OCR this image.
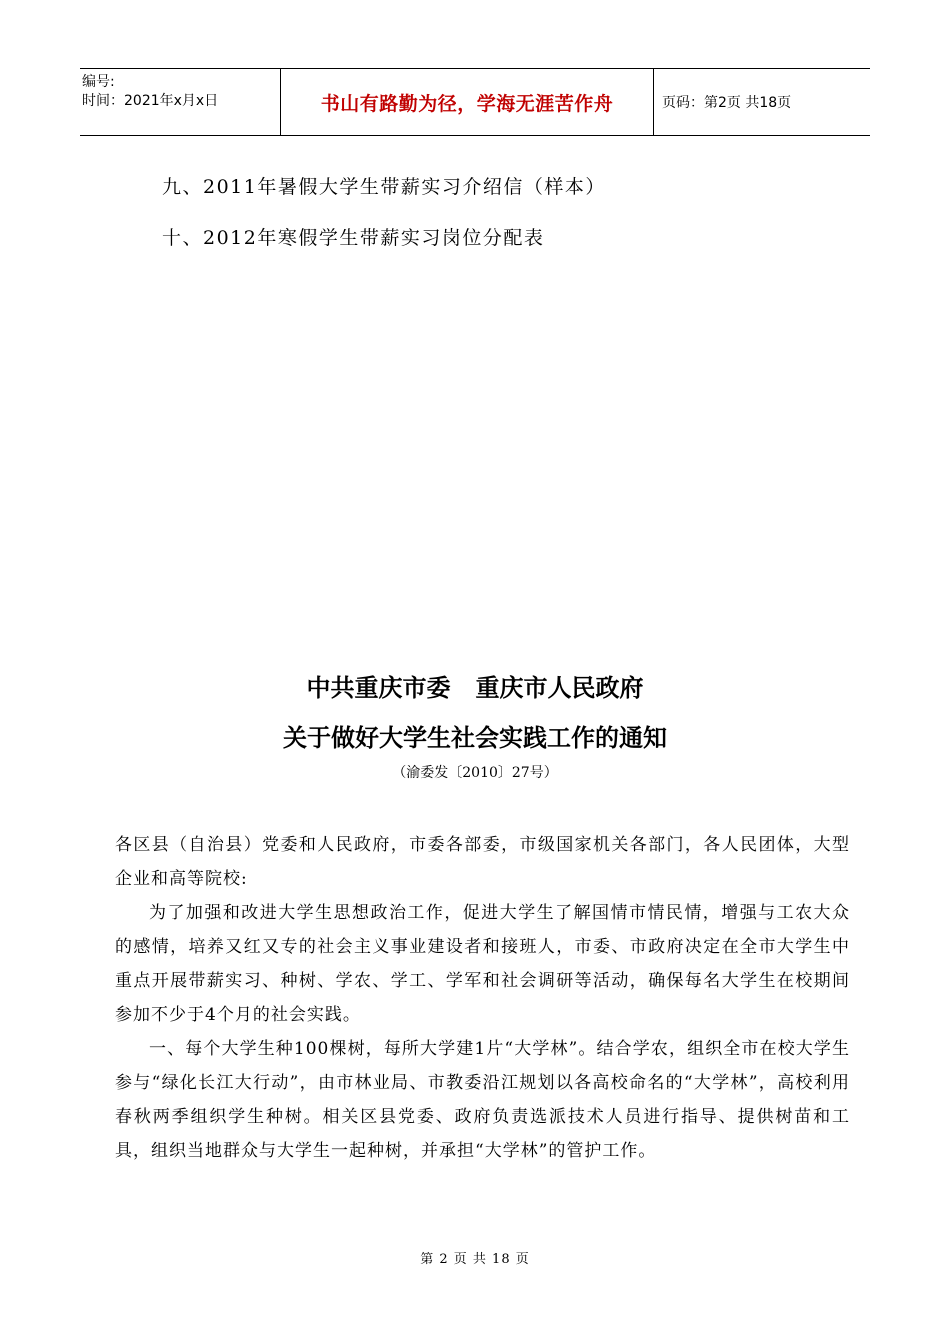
编号:
时间：2021年x月x日	书山有路勤为径，学海无涯苦作舟	页码：第2页 共18页
九、2011年暑假大学生带薪实习介绍信（样本）
十、2012年寒假学生带薪实习岗位分配表
中共重庆市委   重庆市人民政府
关于做好大学生社会实践工作的通知
（渝委发〔2010〕27号）

各区县（自治县）党委和人民政府，市委各部委，市级国家机关各部门，各人民团体，大型企业和高等院校:

为了加强和改进大学生思想政治工作，促进大学生了解国情市情民情，增强与工农大众的感情，培养又红又专的社会主义事业建设者和接班人，市委、市政府决定在全市大学生中重点开展带薪实习、种树、学农、学工、学军和社会调研等活动，确保每名大学生在校期间参加不少于4个月的社会实践。

一、每个大学生种100棵树，每所大学建1片“大学林”。结合学农，组织全市在校大学生参与“绿化长江大行动”，由市林业局、市教委沿江规划以各高校命名的“大学林”，高校利用春秋两季组织学生种树。相关区县党委、政府负责选派技术人员进行指导、提供树苗和工具，组织当地群众与大学生一起种树，并承担“大学林”的管护工作。

第 2 页 共 18 页
